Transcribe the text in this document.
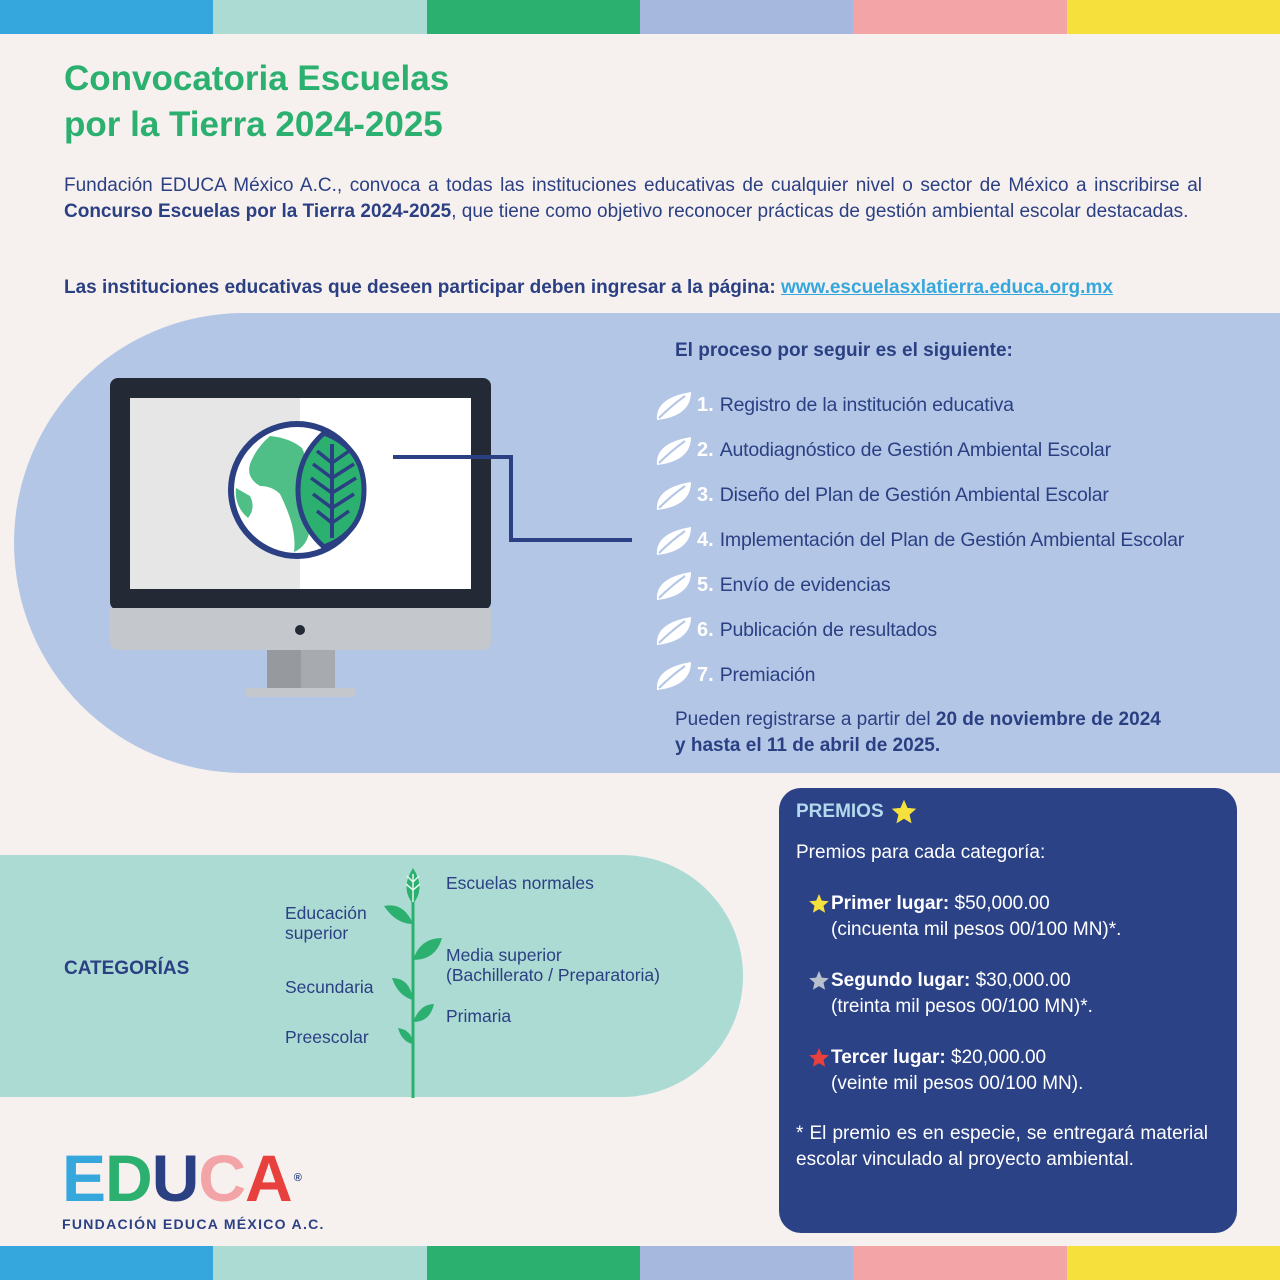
Convocatoria Escuelas
por la Tierra 2024-2025

Fundación EDUCA México A.C., convoca a todas las instituciones educativas de cualquier nivel o sector de México a inscribirse al Concurso Escuelas por la Tierra 2024-2025, que tiene como objetivo reconocer prácticas de gestión ambiental escolar destacadas.

Las instituciones educativas que deseen participar deben ingresar a la página: www.escuelasxlatierra.educa.org.mx

El proceso por seguir es el siguiente:
1. Registro de la institución educativa
2. Autodiagnóstico de Gestión Ambiental Escolar
3. Diseño del Plan de Gestión Ambiental Escolar
4. Implementación del Plan de Gestión Ambiental Escolar
5. Envío de evidencias
6. Publicación de resultados
7. Premiación

Pueden registrarse a partir del 20 de noviembre de 2024
y hasta el 11 de abril de 2025.

CATEGORÍAS
Escuelas normales
Educación
superior
Media superior
(Bachillerato / Preparatoria)
Secundaria
Primaria
Preescolar
PREMIOS
Premios para cada categoría:
Primer lugar: $50,000.00
(cincuenta mil pesos 00/100 MN)*.
Segundo lugar: $30,000.00
(treinta mil pesos 00/100 MN)*.
Tercer lugar: $20,000.00
(veinte mil pesos 00/100 MN).

* El premio es en especie, se entregará material escolar vinculado al proyecto ambiental.

E D U C A ®
FUNDACIÓN EDUCA MÉXICO A.C.
